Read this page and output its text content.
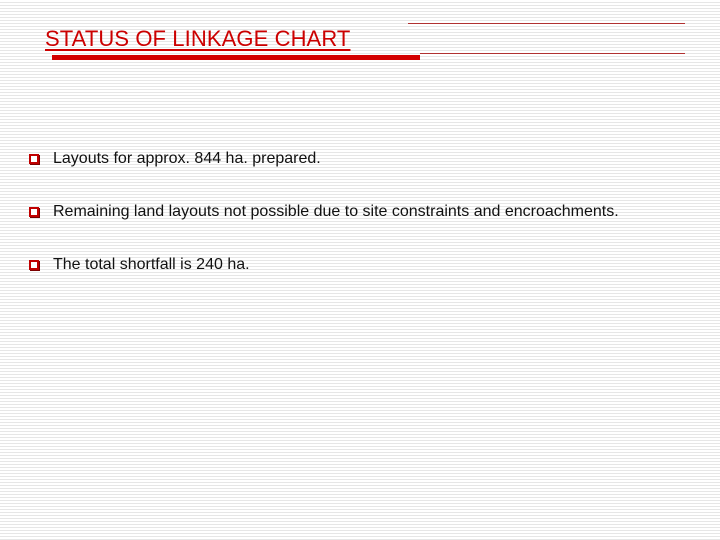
STATUS OF LINKAGE CHART
Layouts for approx. 844 ha. prepared.
Remaining land layouts not possible due to site constraints and encroachments.
The total shortfall is 240 ha.
